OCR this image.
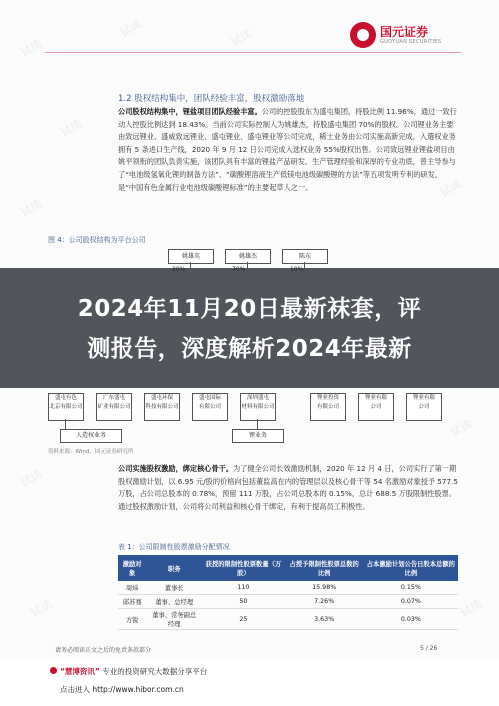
试读
试读	试读
试读
试读
试读
试读
试读
试读	试读
国元证券
GUOYUAN SECURITIES
1.2 股权结构集中，团队经验丰富，股权激励落地
公司股权结构集中，锂盐项目团队经验丰富。公司的控股股东为盛屯集团，持股比例 11.96%，通过一致行动人控股比例达到 18.43%。当前公司实际控制人为姚雄杰，持股盛屯集团 70%的股权。公司锂业务主要由致远锂业、盛威致远锂业、盛屯锂业、盛屯锂业等公司完成，稀土业务由公司实施高新完成，入選权业务拥有 5 条进口生产线，2020 年 9 月 12 日公司完成入选权业务 55%股权出售。公司致远锂业锂盐项目由姚平领衔的团队负责实施，该团队具有丰富的锂盐产品研发、生产管理经验和深厚的专业功底，曾主导参与了“电池级氢氧化锂的制备方法”、“碳酸锂溶液生产低镁电池级碳酸锂的方法”等五项发明专利的研发，是“中国有色金属行业电池级碳酸锂标准”的主要起草人之一。
图 4：公司股权结构为平台公司
姚雄英	姚雄杰	陈东
2024年11月20日最新袜套，评
测报告，深度解析2024年最新
盛屯有色
北京有限公司
广东盛屯
矿业有限公司
盛屯环保
科技有限公司
盛屯国际
有限公司
深圳盛屯
材料有限公司
锂业投资
有限公司
锂业有限
公司
锂业有限
公司
人造权业务	锂业务
资料来源：Wind，国元证券研究所
公司实施股权激励，绑定核心骨干。为了健全公司长效激励机制，2020 年 12 月 4 日，公司实行了第一期股权激励计划，以 6.95 元/股的价格向包括董监高在内的管理层以及核心骨干等 54 名激励对象授予 577.5 万股，占公司总股本的 0.78%，预留 111 万股，占公司总股本的 0.15%，总计 688.5 万股限制性股票。通过股权激励计划，公司将公司利益和核心骨干绑定，有利于提高员工积极性。
表 1：公司限制性股票激励分配情况
激励对象	职务	获授的限制性股票数量（万股）	占授予限制性股票总数的比例	占本激励计划公告日股本总额的比例
周炜	董事长	110	15.98%	0.15%
邱苏骞	董事、总经理	50	7.26%	0.07%
方锐	董事、常务副总经理	25	3.63%	0.03%
请务必阅读正文之后的免责条款部分	5 / 26
“慧博资讯” 专业的投资研究大数据分享平台
点击进入 http://www.hibor.com.cn
